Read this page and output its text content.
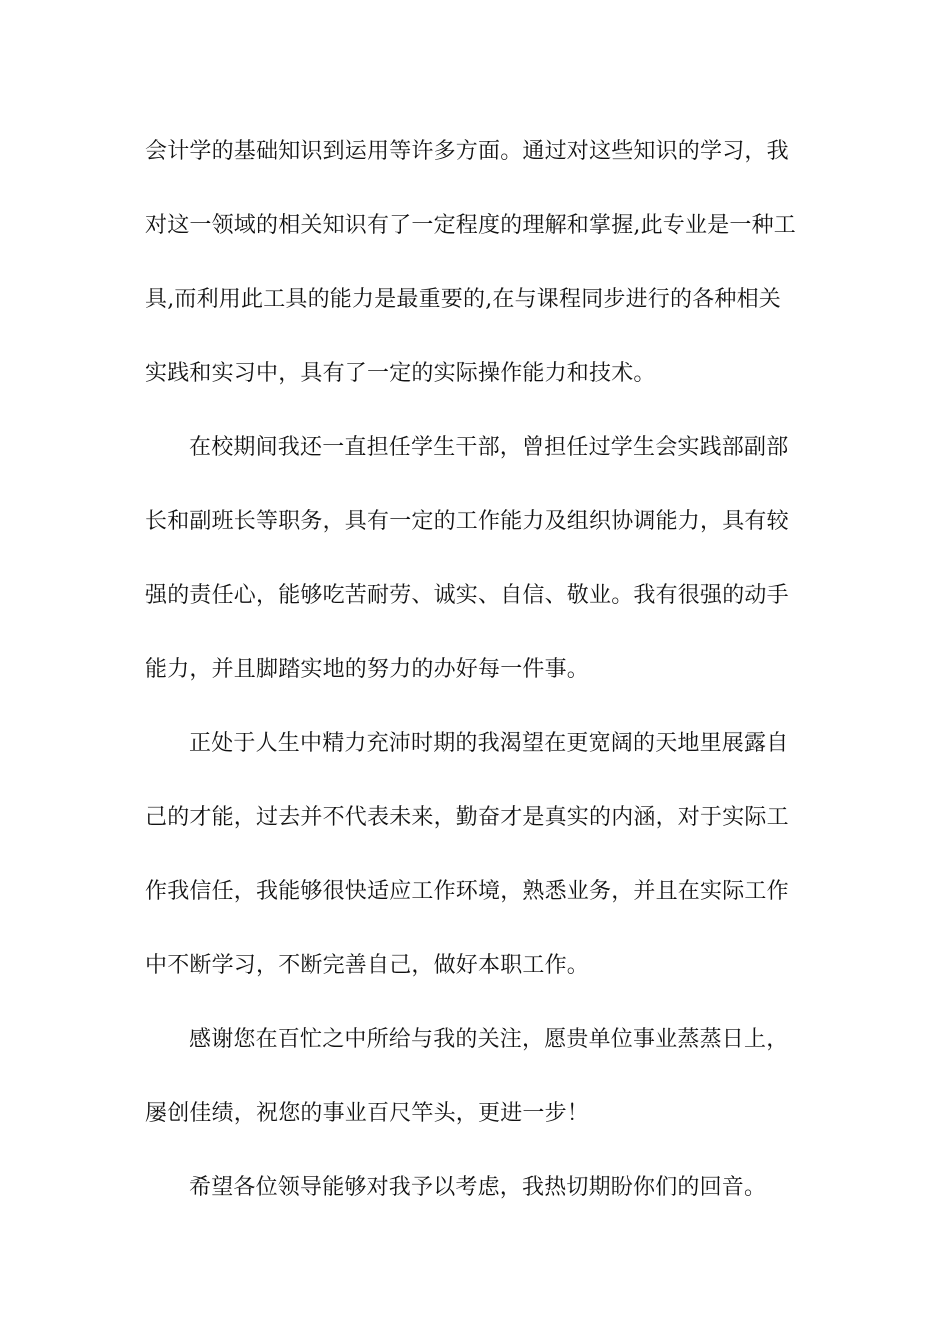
会计学的基础知识到运用等许多方面。通过对这些知识的学习，我
对这一领域的相关知识有了一定程度的理解和掌握,此专业是一种工
具,而利用此工具的能力是最重要的,在与课程同步进行的各种相关
实践和实习中，具有了一定的实际操作能力和技术。
在校期间我还一直担任学生干部，曾担任过学生会实践部副部
长和副班长等职务，具有一定的工作能力及组织协调能力，具有较
强的责任心，能够吃苦耐劳、诚实、自信、敬业。我有很强的动手
能力，并且脚踏实地的努力的办好每一件事。
正处于人生中精力充沛时期的我渴望在更宽阔的天地里展露自
己的才能，过去并不代表未来，勤奋才是真实的内涵，对于实际工
作我信任，我能够很快适应工作环境，熟悉业务，并且在实际工作
中不断学习，不断完善自己，做好本职工作。
感谢您在百忙之中所给与我的关注，愿贵单位事业蒸蒸日上，
屡创佳绩，祝您的事业百尺竿头，更进一步！
希望各位领导能够对我予以考虑，我热切期盼你们的回音。
